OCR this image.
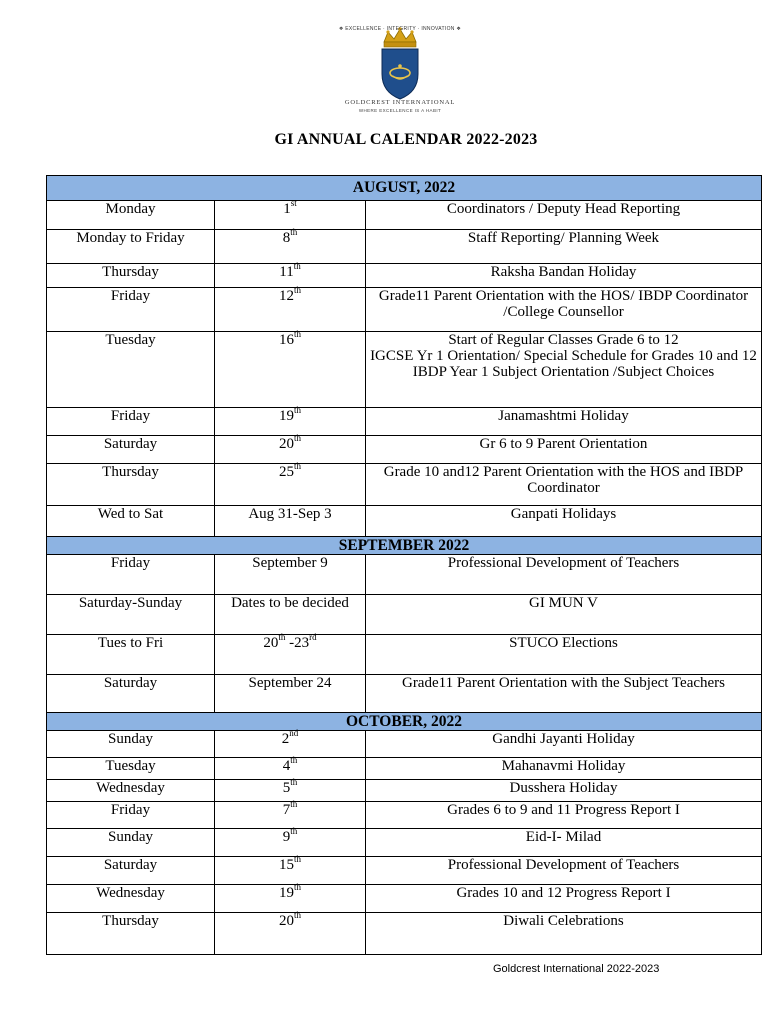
❖ EXCELLENCE · INTEGRITY · INNOVATION ❖
GOLDCREST INTERNATIONAL
WHERE EXCELLENCE IS A HABIT
GI ANNUAL CALENDAR 2022-2023
AUGUST, 2022
Monday	1st	Coordinators / Deputy Head Reporting
Monday to Friday	8th	Staff Reporting/ Planning Week
Thursday	11th	Raksha Bandan Holiday
Friday	12th	Grade11 Parent Orientation with the HOS/ IBDP Coordinator /College Counsellor
Tuesday	16th	Start of Regular Classes Grade 6 to 12
IGCSE Yr 1 Orientation/ Special Schedule for Grades 10 and 12
IBDP Year 1 Subject Orientation /Subject Choices
Friday	19th	Janamashtmi Holiday
Saturday	20th	Gr 6 to 9 Parent Orientation
Thursday	25th	Grade 10 and12 Parent Orientation with the HOS and IBDP Coordinator
Wed to Sat	Aug 31-Sep 3	Ganpati Holidays
SEPTEMBER 2022
Friday	September 9	Professional Development of Teachers
Saturday-Sunday	Dates to be decided	GI MUN V
Tues to Fri	20th -23rd	STUCO Elections
Saturday	September 24	Grade11 Parent Orientation with the Subject Teachers
OCTOBER, 2022
Sunday	2nd	Gandhi Jayanti Holiday
Tuesday	4th	Mahanavmi Holiday
Wednesday	5th	Dusshera Holiday
Friday	7th	Grades 6 to 9 and 11 Progress Report I
Sunday	9th	Eid-I- Milad
Saturday	15th	Professional Development of Teachers
Wednesday	19th	Grades 10 and 12 Progress Report I
Thursday	20th	Diwali Celebrations
Goldcrest International 2022-2023
